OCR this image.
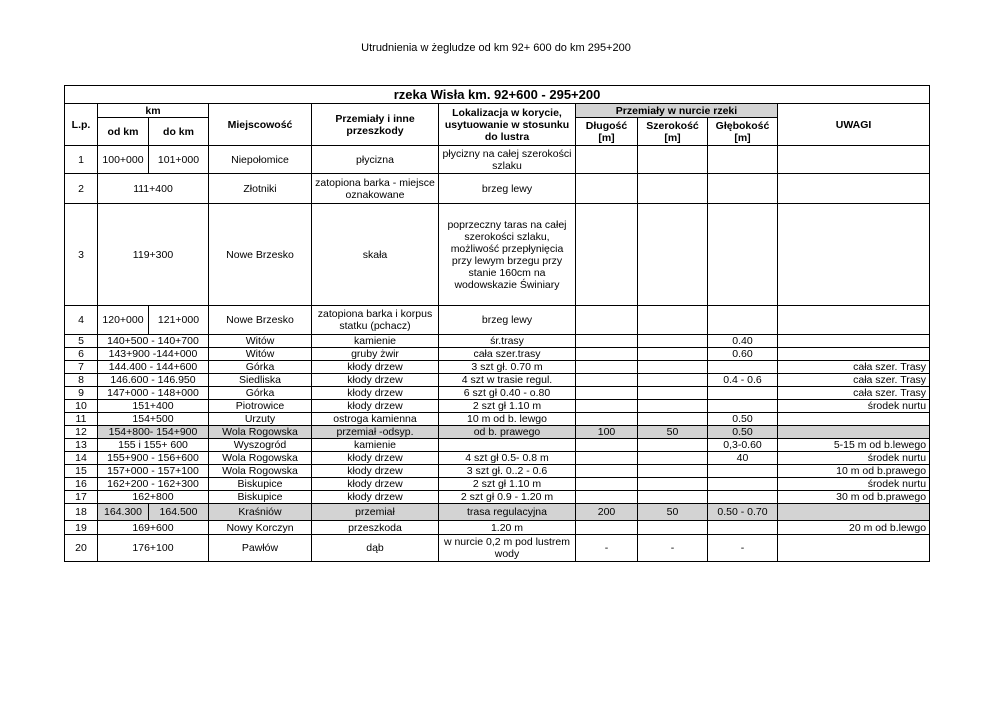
Utrudnienia w żegludze od km 92+ 600 do km 295+200
rzeka Wisła km. 92+600 - 295+200									
L.p.	km		Miejscowość	Przemiały i inne przeszkody	Lokalizacja w korycie, usytuowanie w stosunku do lustra	Przemiały w nurcie rzeki			UWAGI
	od km	do km				Długość [m]	Szerokość [m]	Głębokość [m]	

1	100+000	101+000	Niepołomice	płycizna	płycizny na całej szerokości szlaku				
2	111+400		Złotniki	zatopiona barka - miejsce oznakowane	brzeg lewy				
3	119+300		Nowe Brzesko	skała	poprzeczny taras na całej szerokości szlaku, możliwość przepłynięcia przy lewym brzegu przy stanie 160cm na wodowskazie Świniary				
4	120+000	121+000	Nowe Brzesko	zatopiona barka i korpus statku (pchacz)	brzeg lewy				
5	140+500 - 140+700		Witów	kamienie	śr.trasy			0.40	
6	143+900 -144+000		Witów	gruby żwir	cała szer.trasy			0.60	
7	144.400 - 144+600		Górka	kłody drzew	3 szt gł. 0.70 m				cała szer. Trasy
8	146.600 - 146.950		Siedliska	kłody drzew	4 szt w trasie regul.			0.4 - 0.6	cała szer. Trasy
9	147+000 - 148+000		Górka	kłody drzew	6 szt gł 0.40 - o.80				cała szer. Trasy
10	151+400		Piotrowice	kłody drzew	2 szt gł 1.10 m				środek nurtu
11	154+500		Urzuty	ostroga kamienna	10 m od b. lewgo			0.50	
12	154+800- 154+900		Wola Rogowska	przemiał -odsyp.	od b. prawego	100	50	0.50	
13	155 i 155+ 600		Wyszogród	kamienie				0,3-0.60	5-15 m od b.lewego
14	155+900 - 156+600		Wola Rogowska	kłody drzew	4 szt gł 0.5- 0.8 m			40	środek nurtu
15	157+000 - 157+100		Wola Rogowska	kłody drzew	3 szt gł. 0..2 - 0.6				10 m od b.prawego
16	162+200 - 162+300		Biskupice	kłody drzew	2 szt gł 1.10 m				środek nurtu
17	162+800		Biskupice	kłody drzew	2 szt gł 0.9 - 1.20 m				30 m od b.prawego
18	164.300	164.500	Kraśniów	przemiał	trasa regulacyjna	200	50	0.50 - 0.70	
19	169+600		Nowy Korczyn	przeszkoda	1.20 m				20 m od b.lewgo
20	176+100		Pawłów	dąb	w nurcie 0,2 m pod lustrem wody	-	-	-	
